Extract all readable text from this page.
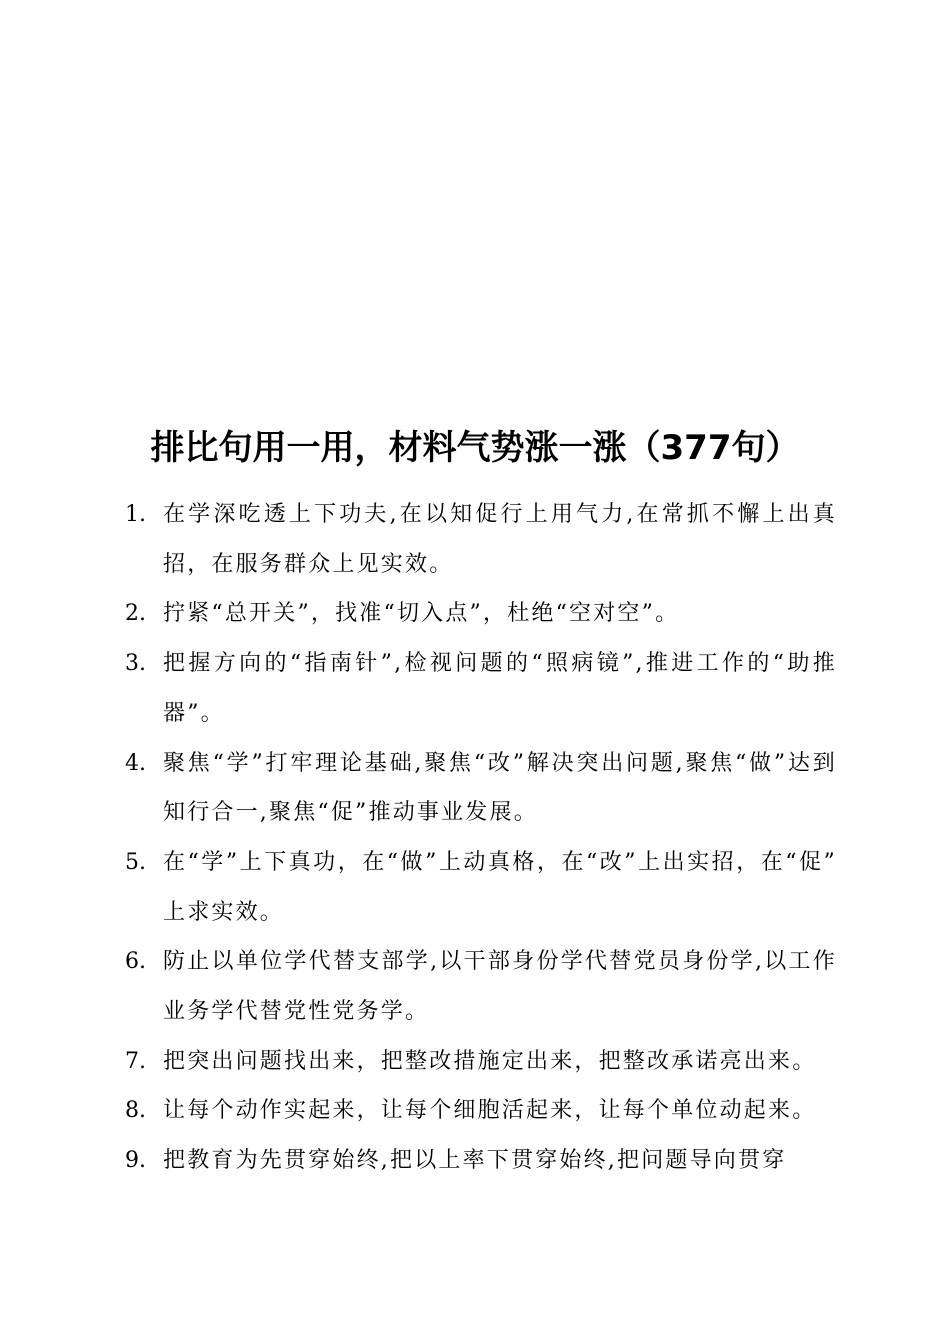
排比句用一用，材料气势涨一涨（377句）
1. 在学深吃透上下功夫,在以知促行上用气力,在常抓不懈上出真招，在服务群众上见实效。
2. 拧紧“总开关”，找准“切入点”，杜绝“空对空”。
3. 把握方向的“指南针”,检视问题的“照病镜”,推进工作的“助推器”。
4. 聚焦“学”打牢理论基础,聚焦“改”解决突出问题,聚焦“做”达到知行合一,聚焦“促”推动事业发展。
5. 在“学”上下真功，在“做”上动真格，在“改”上出实招，在“促” 上求实效。
6. 防止以单位学代替支部学,以干部身份学代替党员身份学,以工作业务学代替党性党务学。
7. 把突出问题找出来，把整改措施定出来，把整改承诺亮出来。
8. 让每个动作实起来，让每个细胞活起来，让每个单位动起来。
9. 把教育为先贯穿始终,把以上率下贯穿始终,把问题导向贯穿
